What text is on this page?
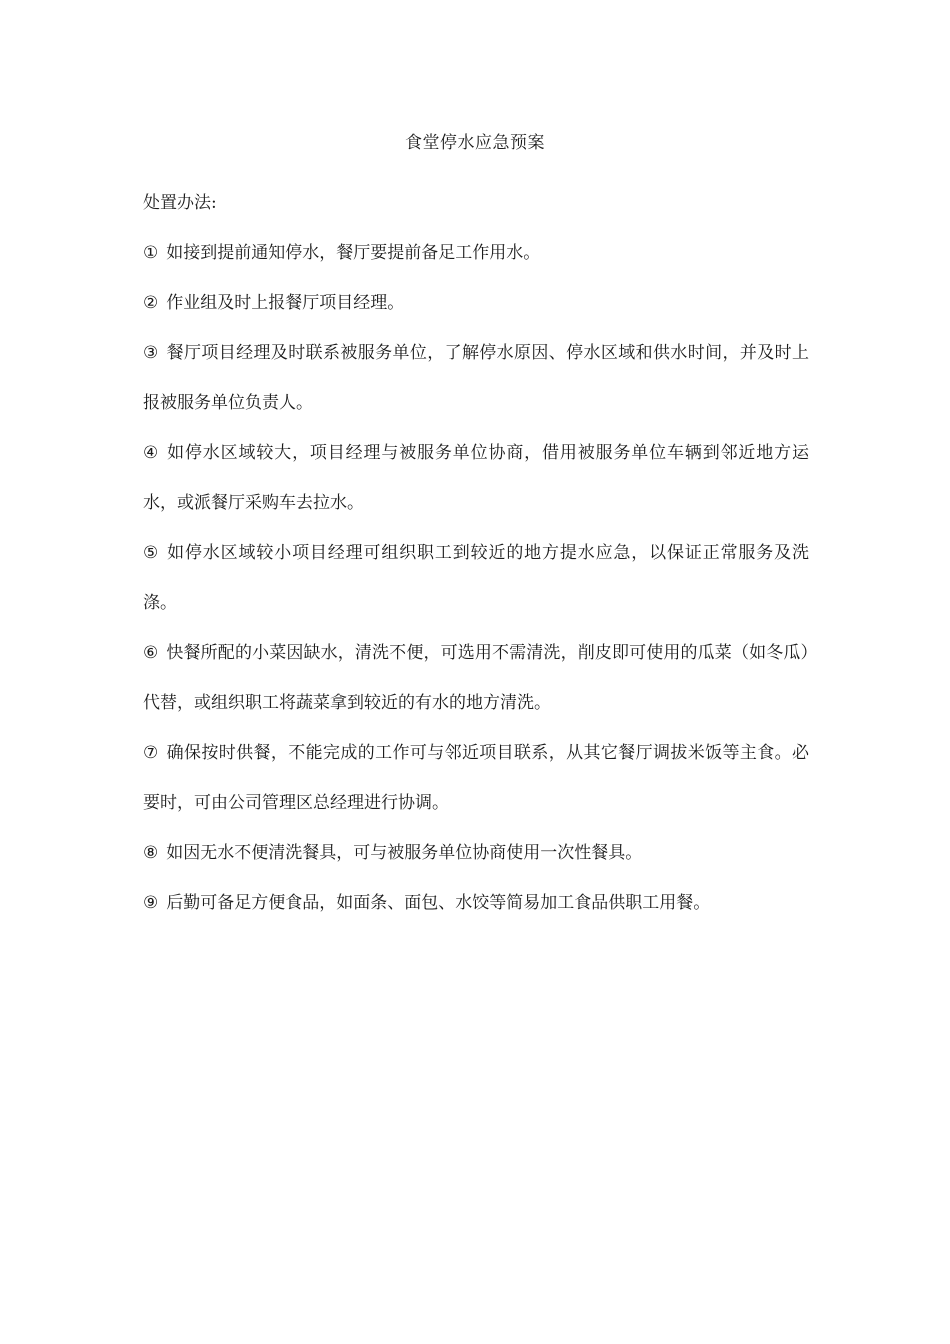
食堂停水应急预案
处置办法:

① 如接到提前通知停水，餐厅要提前备足工作用水。

② 作业组及时上报餐厅项目经理。

③ 餐厅项目经理及时联系被服务单位，了解停水原因、停水区域和供水时间，并及时上报被服务单位负责人。

④ 如停水区域较大，项目经理与被服务单位协商，借用被服务单位车辆到邻近地方运水，或派餐厅采购车去拉水。

⑤ 如停水区域较小项目经理可组织职工到较近的地方提水应急，以保证正常服务及洗涤。

⑥ 快餐所配的小菜因缺水，清洗不便，可选用不需清洗，削皮即可使用的瓜菜（如冬瓜）代替，或组织职工将蔬菜拿到较近的有水的地方清洗。

⑦ 确保按时供餐，不能完成的工作可与邻近项目联系，从其它餐厅调拔米饭等主食。必要时，可由公司管理区总经理进行协调。

⑧ 如因无水不便清洗餐具，可与被服务单位协商使用一次性餐具。

⑨ 后勤可备足方便食品，如面条、面包、水饺等简易加工食品供职工用餐。
